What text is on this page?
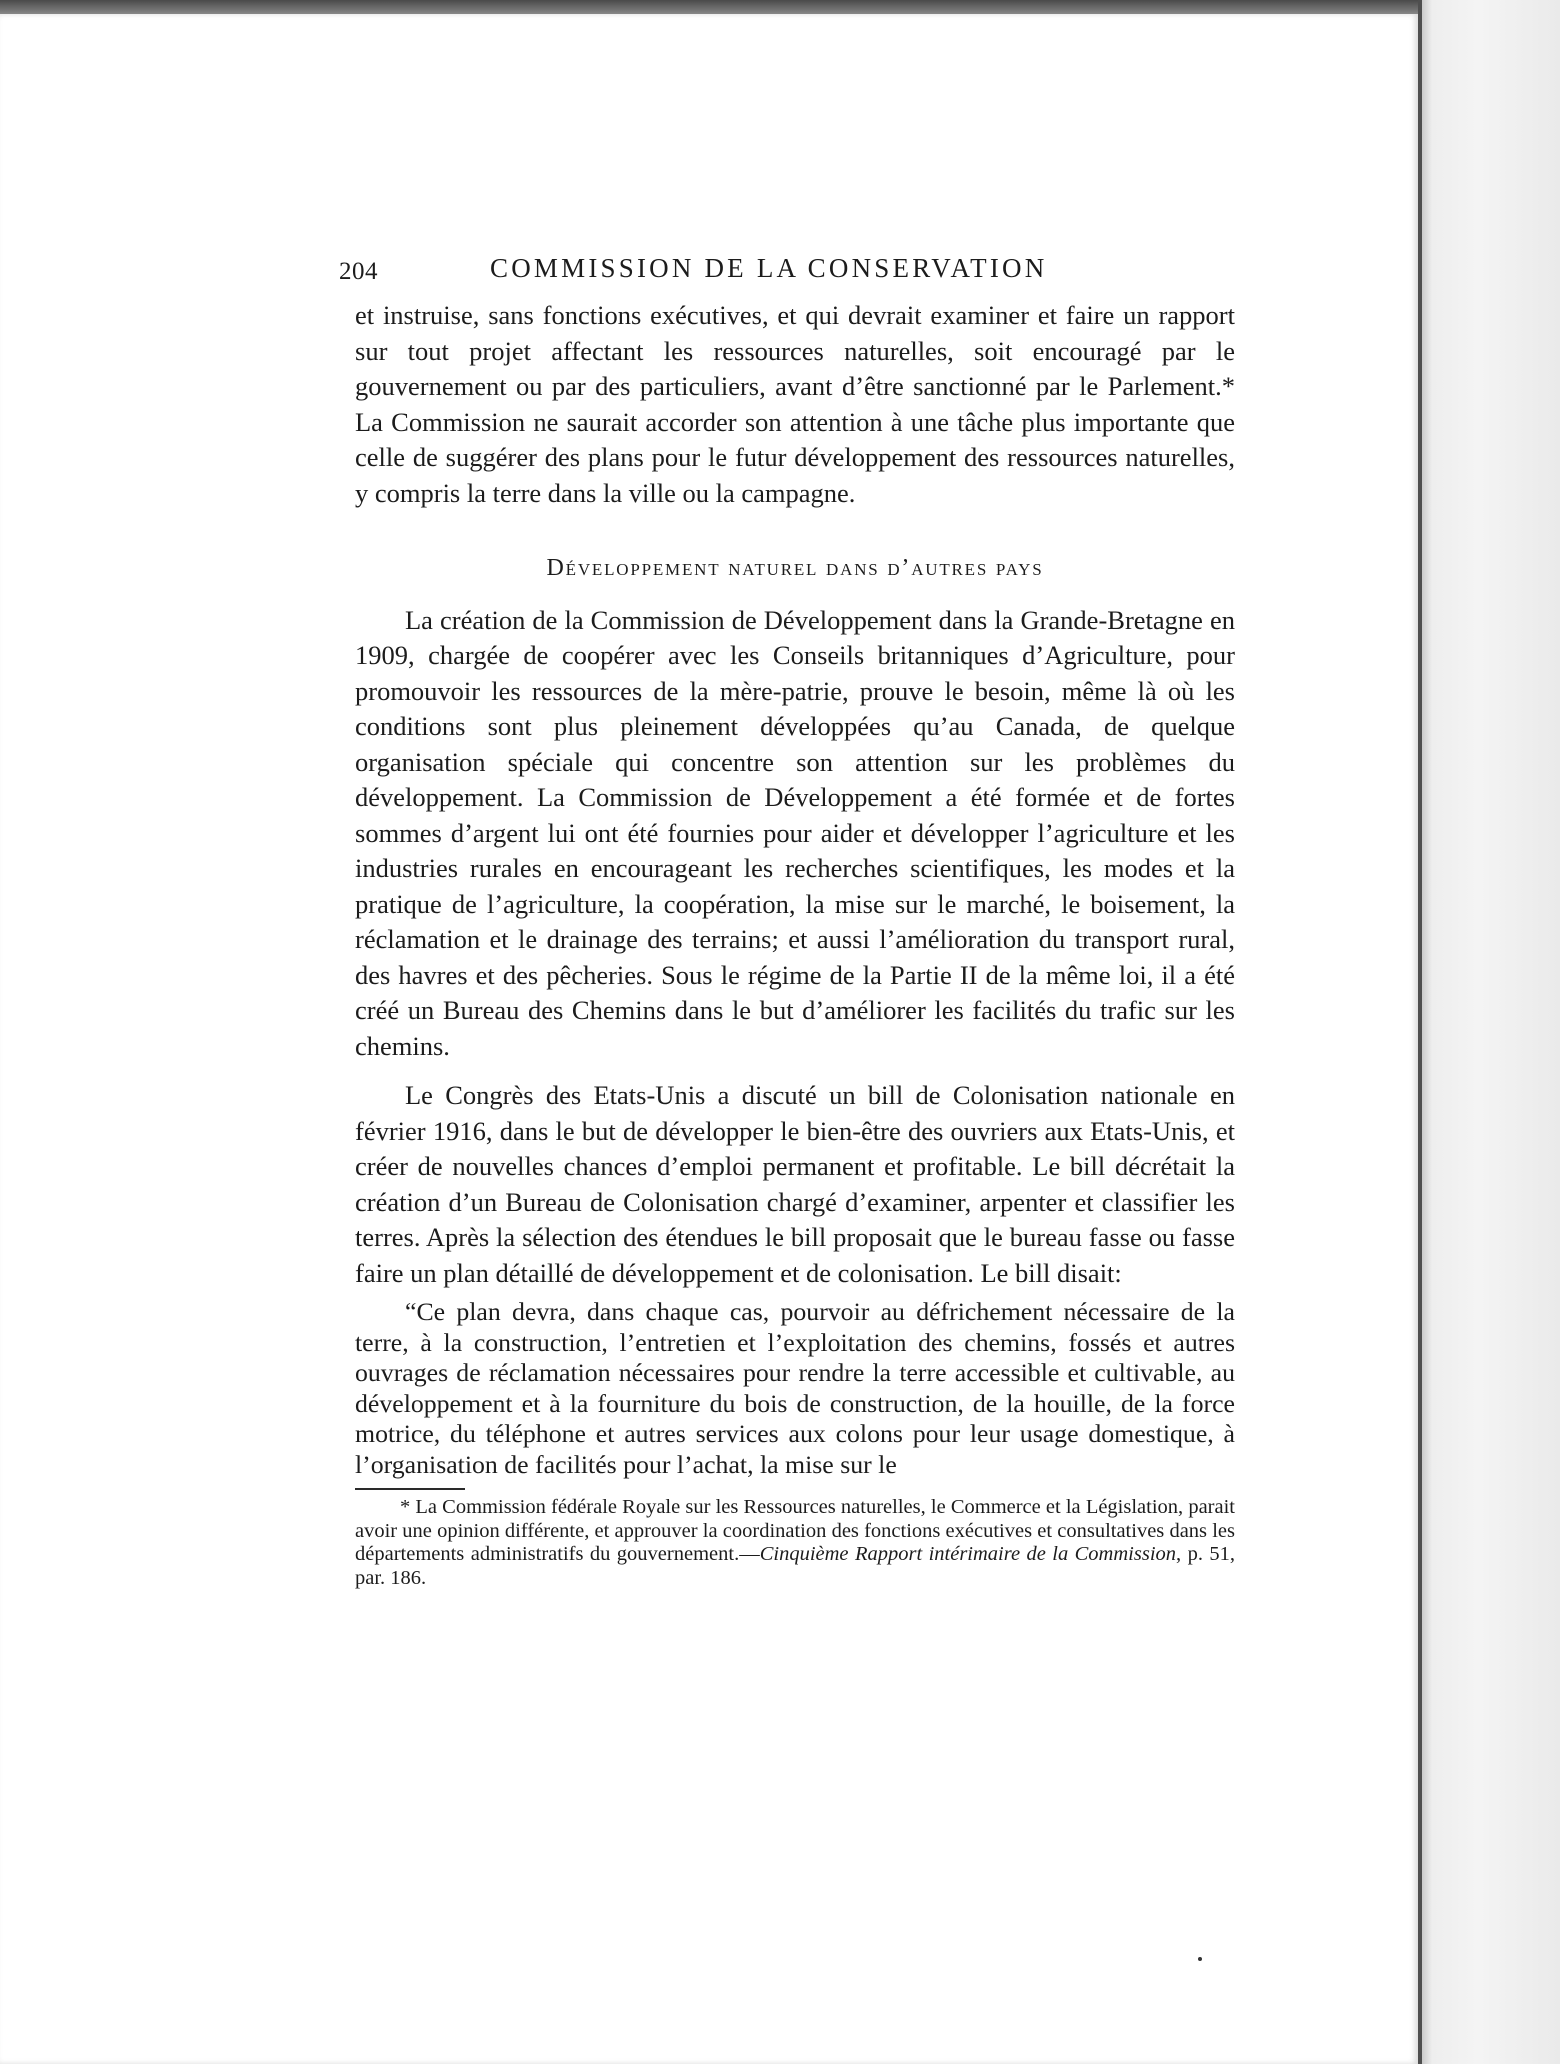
204	COMMISSION DE LA CONSERVATION

et instruise, sans fonctions exécutives, et qui devrait examiner et faire un rapport sur tout projet affectant les ressources naturelles, soit encouragé par le gouvernement ou par des particuliers, avant d’être sanctionné par le Parlement.* La Commission ne saurait accorder son attention à une tâche plus importante que celle de suggérer des plans pour le futur développement des ressources naturelles, y compris la terre dans la ville ou la campagne.

Développement naturel dans d’autres pays

La création de la Commission de Développement dans la Grande-Bretagne en 1909, chargée de coopérer avec les Conseils britanniques d’Agriculture, pour promouvoir les ressources de la mère-patrie, prouve le besoin, même là où les conditions sont plus pleinement développées qu’au Canada, de quelque organisation spéciale qui concentre son attention sur les problèmes du développement. La Commission de Développement a été formée et de fortes sommes d’argent lui ont été fournies pour aider et développer l’agriculture et les industries rurales en encourageant les recherches scientifiques, les modes et la pratique de l’agriculture, la coopération, la mise sur le marché, le boisement, la réclamation et le drainage des terrains; et aussi l’amélioration du transport rural, des havres et des pêcheries. Sous le régime de la Partie II de la même loi, il a été créé un Bureau des Chemins dans le but d’améliorer les facilités du trafic sur les chemins.

Le Congrès des Etats-Unis a discuté un bill de Colonisation nationale en février 1916, dans le but de développer le bien-être des ouvriers aux Etats-Unis, et créer de nouvelles chances d’emploi permanent et profitable. Le bill décrétait la création d’un Bureau de Colonisation chargé d’examiner, arpenter et classifier les terres. Après la sélection des étendues le bill proposait que le bureau fasse ou fasse faire un plan détaillé de développement et de colonisation. Le bill disait:

“Ce plan devra, dans chaque cas, pourvoir au défrichement nécessaire de la terre, à la construction, l’entretien et l’exploitation des chemins, fossés et autres ouvrages de réclamation nécessaires pour rendre la terre accessible et cultivable, au développement et à la fourniture du bois de construction, de la houille, de la force motrice, du téléphone et autres services aux colons pour leur usage domestique, à l’organisation de facilités pour l’achat, la mise sur le

* La Commission fédérale Royale sur les Ressources naturelles, le Commerce et la Législation, parait avoir une opinion différente, et approuver la coordination des fonctions exécutives et consultatives dans les départements administratifs du gouvernement.—Cinquième Rapport intérimaire de la Commission, p. 51, par. 186.
